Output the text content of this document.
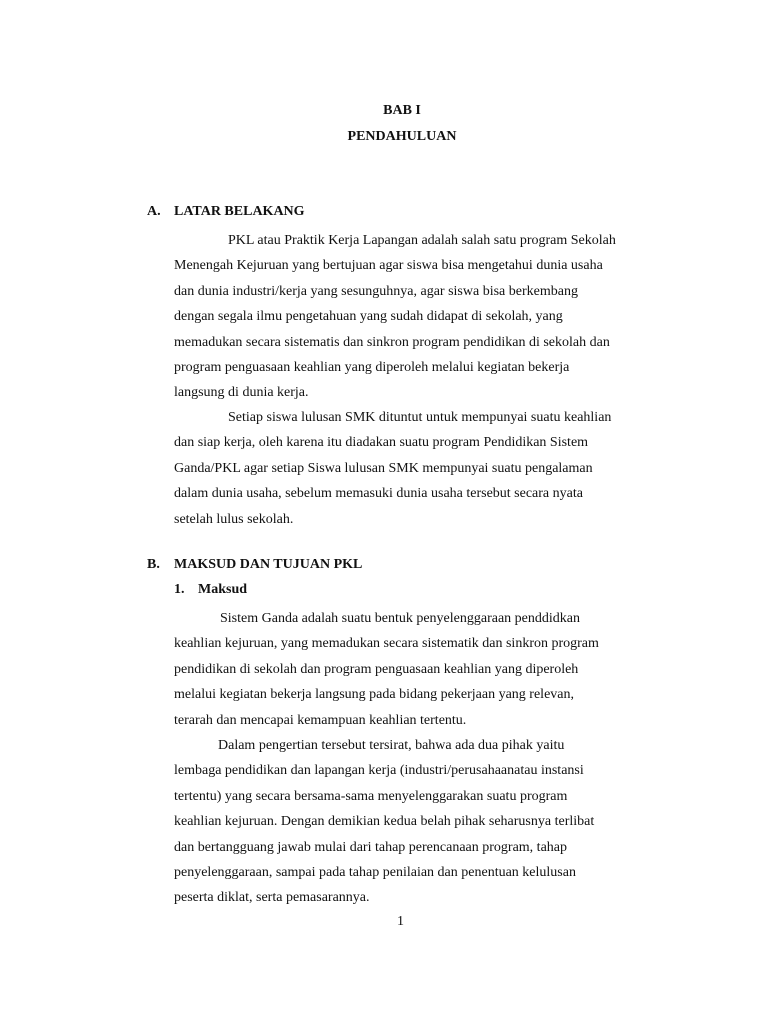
BAB I
PENDAHULUAN
A. LATAR BELAKANG
PKL atau Praktik Kerja Lapangan adalah salah satu program Sekolah
Menengah Kejuruan yang bertujuan agar siswa bisa mengetahui dunia usaha
dan dunia industri/kerja yang sesunguhnya, agar siswa bisa berkembang
dengan segala ilmu pengetahuan yang sudah didapat di sekolah, yang
memadukan secara sistematis dan sinkron program pendidikan di sekolah dan
program penguasaan keahlian yang diperoleh melalui kegiatan bekerja
langsung di dunia kerja.
Setiap siswa lulusan SMK dituntut untuk mempunyai suatu keahlian
dan siap kerja, oleh karena itu diadakan suatu program Pendidikan Sistem
Ganda/PKL agar setiap Siswa lulusan SMK mempunyai suatu pengalaman
dalam dunia usaha, sebelum memasuki dunia usaha tersebut secara nyata
setelah lulus sekolah.
B. MAKSUD DAN TUJUAN PKL
1. Maksud
Sistem Ganda adalah suatu bentuk penyelenggaraan penddidkan
keahlian kejuruan, yang memadukan secara sistematik dan sinkron program
pendidikan di sekolah dan program penguasaan keahlian yang diperoleh
melalui kegiatan bekerja langsung pada bidang pekerjaan yang relevan,
terarah dan mencapai kemampuan keahlian tertentu.
Dalam pengertian tersebut tersirat, bahwa ada dua pihak yaitu
lembaga pendidikan dan lapangan kerja (industri/perusahaanatau instansi
tertentu) yang secara bersama-sama menyelenggarakan suatu program
keahlian kejuruan. Dengan demikian kedua belah pihak seharusnya terlibat
dan bertangguang jawab mulai dari tahap perencanaan program, tahap
penyelenggaraan, sampai pada tahap penilaian dan penentuan kelulusan
peserta diklat, serta pemasarannya.
1
